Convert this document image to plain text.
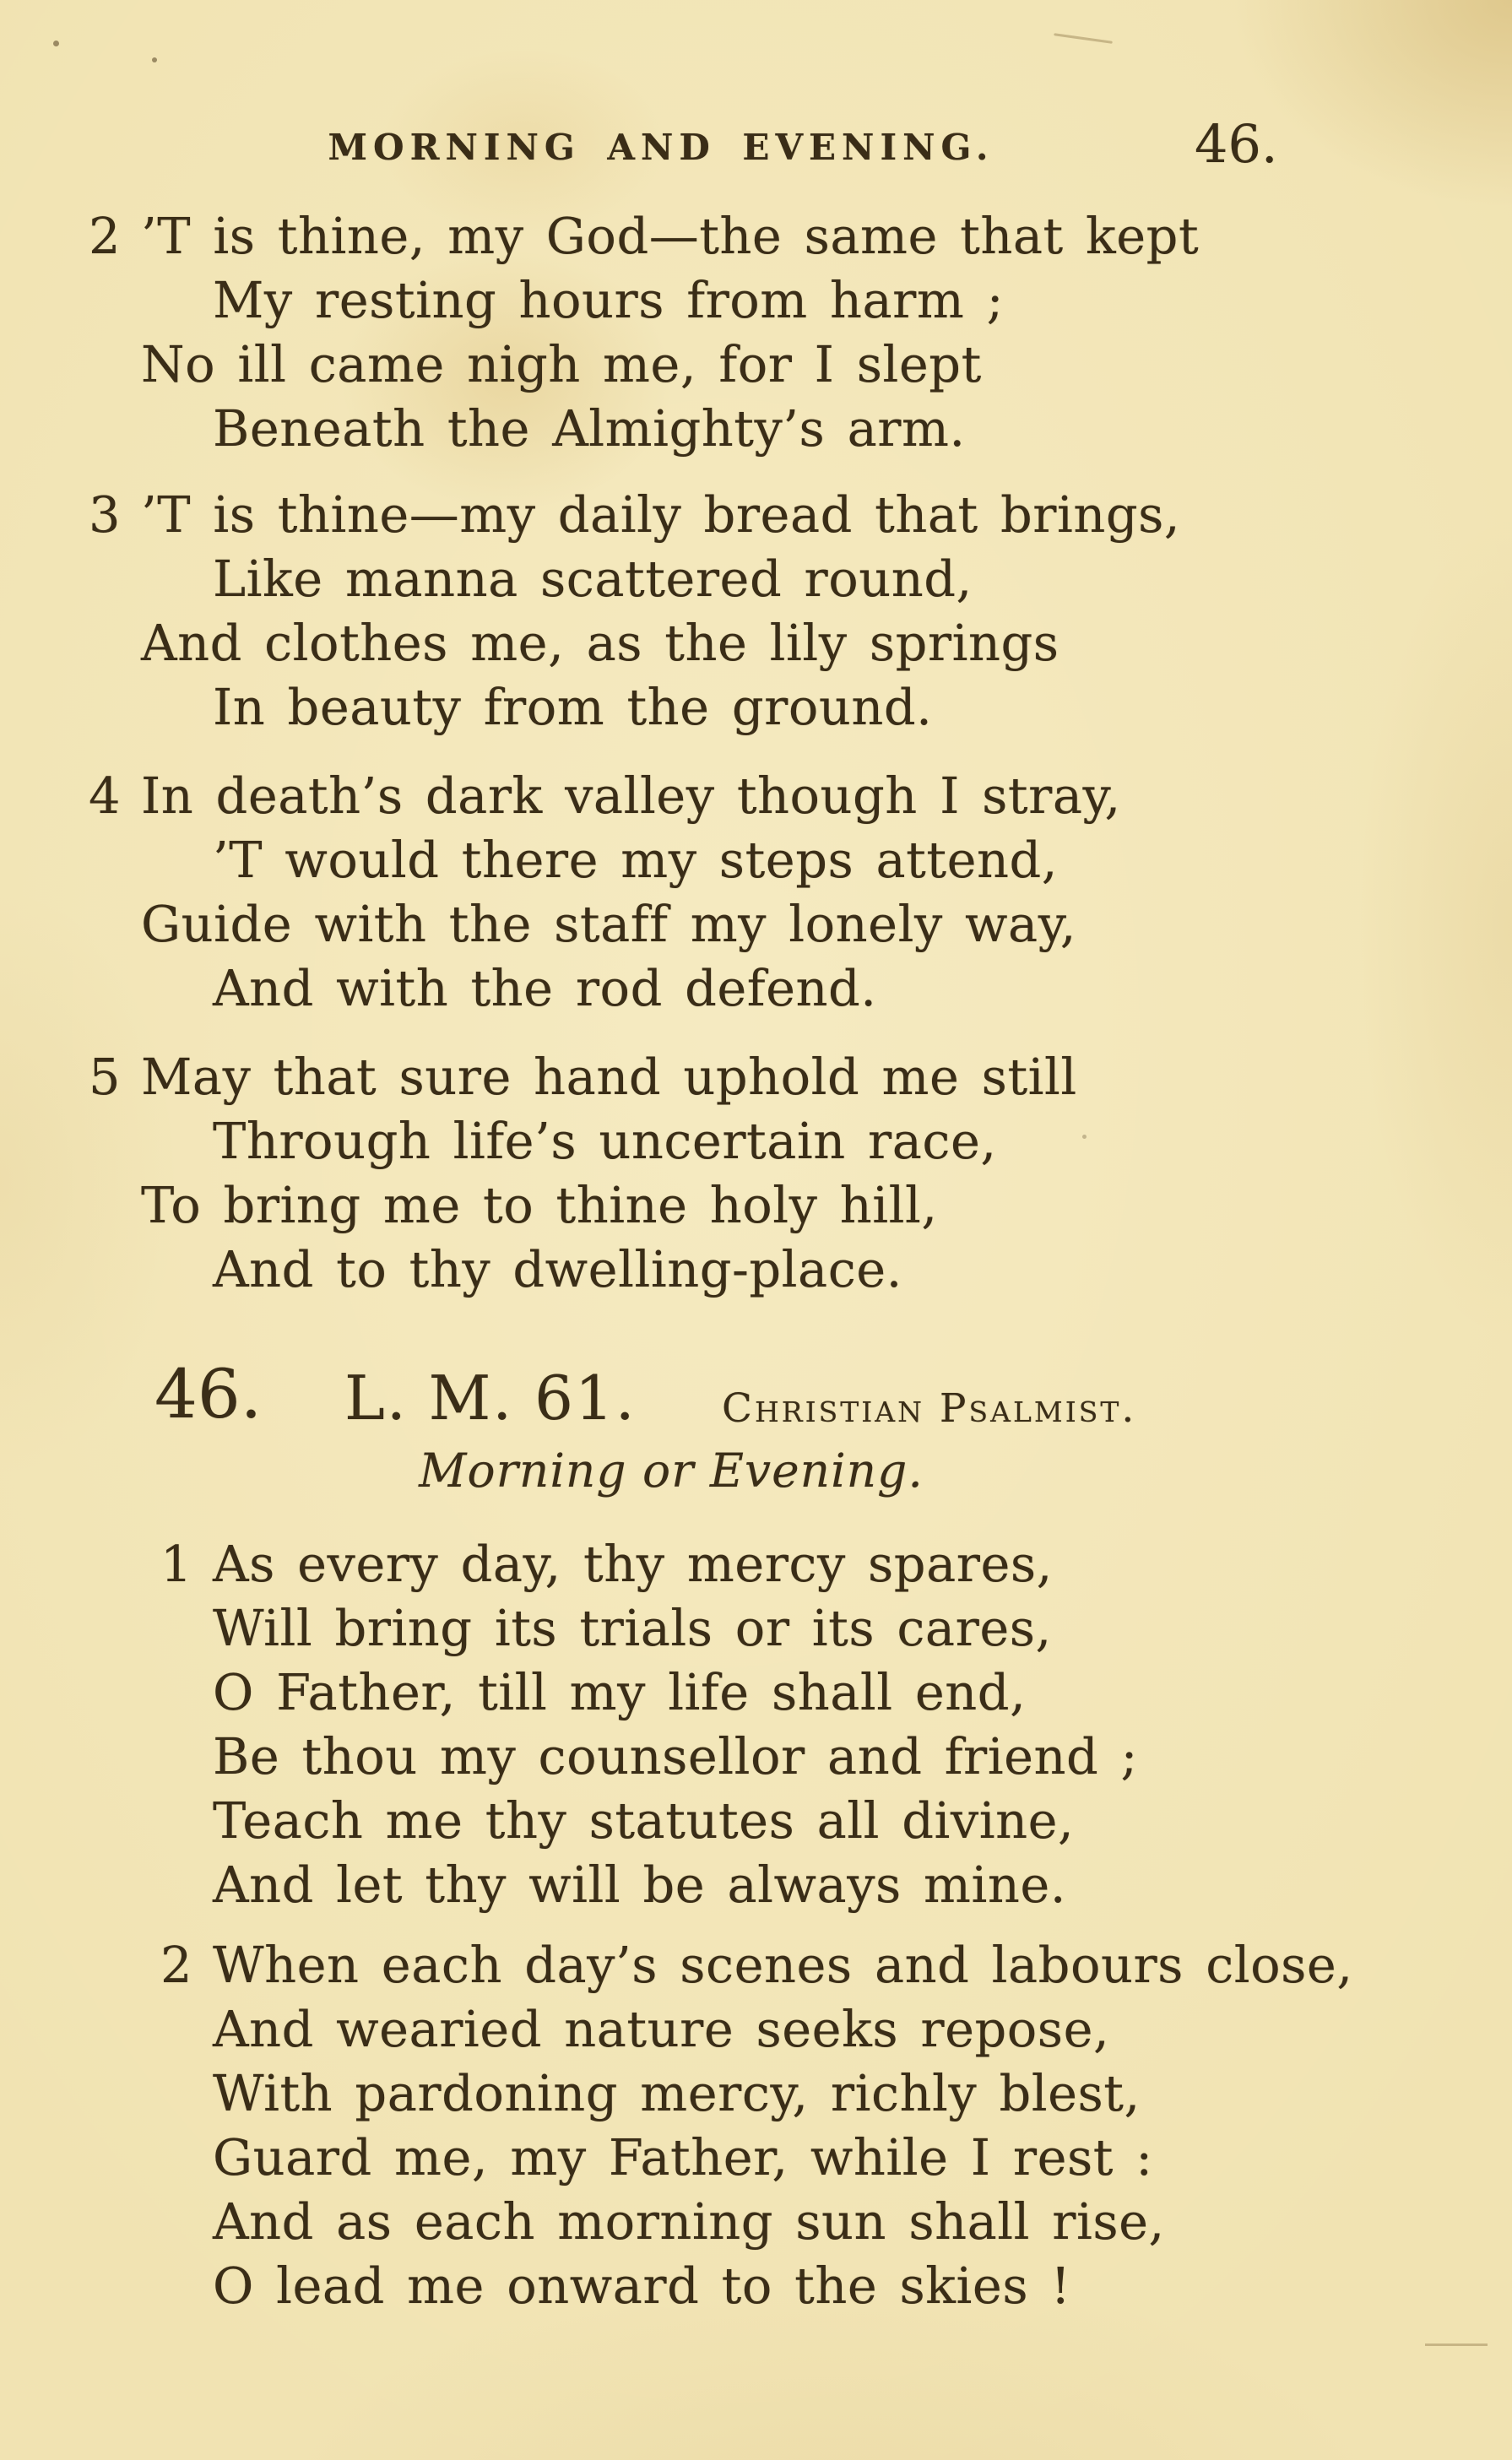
MORNING AND EVENING.	46.
2 ’T is thine, my God—the same that kept
My resting hours from harm ;
No ill came nigh me, for I slept
Beneath the Almighty’s arm.
3 ’T is thine—my daily bread that brings,
Like manna scattered round,
And clothes me, as the lily springs
In beauty from the ground.
4 In death’s dark valley though I stray,
’T would there my steps attend,
Guide with the staff my lonely way,
And with the rod defend.
5 May that sure hand uphold me still
Through life’s uncertain race,
To bring me to thine holy hill,
And to thy dwelling-place.
46. L. M. 61. Christian Psalmist.
Morning or Evening.
1 As every day, thy mercy spares,
Will bring its trials or its cares,
O Father, till my life shall end,
Be thou my counsellor and friend ;
Teach me thy statutes all divine,
And let thy will be always mine.
2 When each day’s scenes and labours close,
And wearied nature seeks repose,
With pardoning mercy, richly blest,
Guard me, my Father, while I rest :
And as each morning sun shall rise,
O lead me onward to the skies !
